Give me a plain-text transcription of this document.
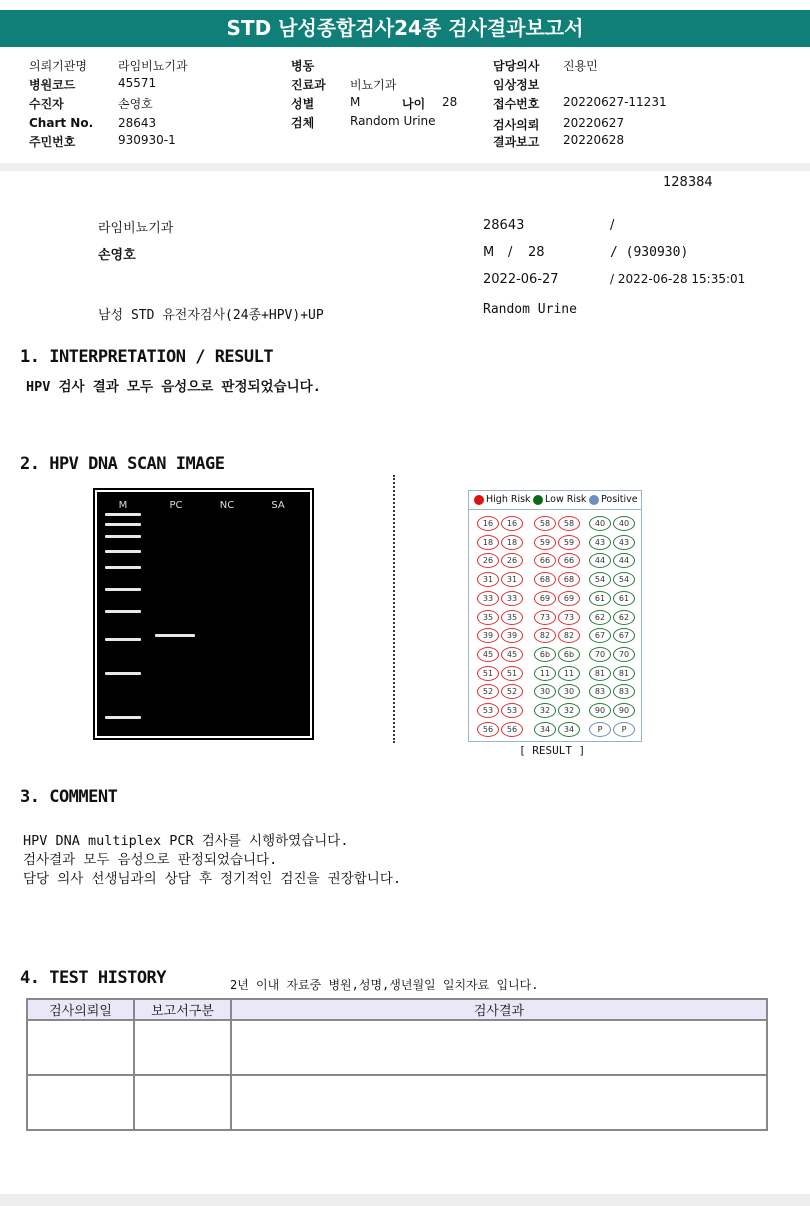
STD 남성종합검사24종 검사결과보고서
의뢰기관명	라임비뇨기과
병원코드	45571
수진자	손영호
Chart No. 28643
주민번호	930930-1
병동
진료과 비뇨기과
성별	M	나이 28
검체	Random Urine
담당의사 진용민
임상정보
접수번호 20220627-11231
검사의뢰 20220627
결과보고 20220628
128384
라임비뇨기과
손영호
남성 STD 유전자검사(24종+HPV)+UP
28643	/
M / 28	/ (930930)
2022-06-27	/ 2022-06-28 15:35:01
Random Urine
1. INTERPRETATION / RESULT
HPV 검사 결과 모두 음성으로 판정되었습니다.
2. HPV DNA SCAN IMAGE
M	PC	NC	SA
High Risk Low Risk Positive
16	16
18	18
26	26
31	31
33	33
35	35
39	39
45	45
51	51
52	52
53	53
56	56
58	58
59	59
66	66
68	68
69	69
73	73
82	82
6b	6b
11	11
30	30
32	32
34	34
40	40
43	43
44	44
54	54
61	61
62	62
67	67
70	70
81	81
83	83
90	90
P	P
[ RESULT ]
3. COMMENT
HPV DNA multiplex PCR 검사를 시행하였습니다.
검사결과 모두 음성으로 판정되었습니다.
담당 의사 선생님과의 상담 후 정기적인 검진을 권장합니다.
4. TEST HISTORY	2년 이내 자료중 병원,성명,생년월일 일치자료 입니다.
검사의뢰일	보고서구분	검사결과
